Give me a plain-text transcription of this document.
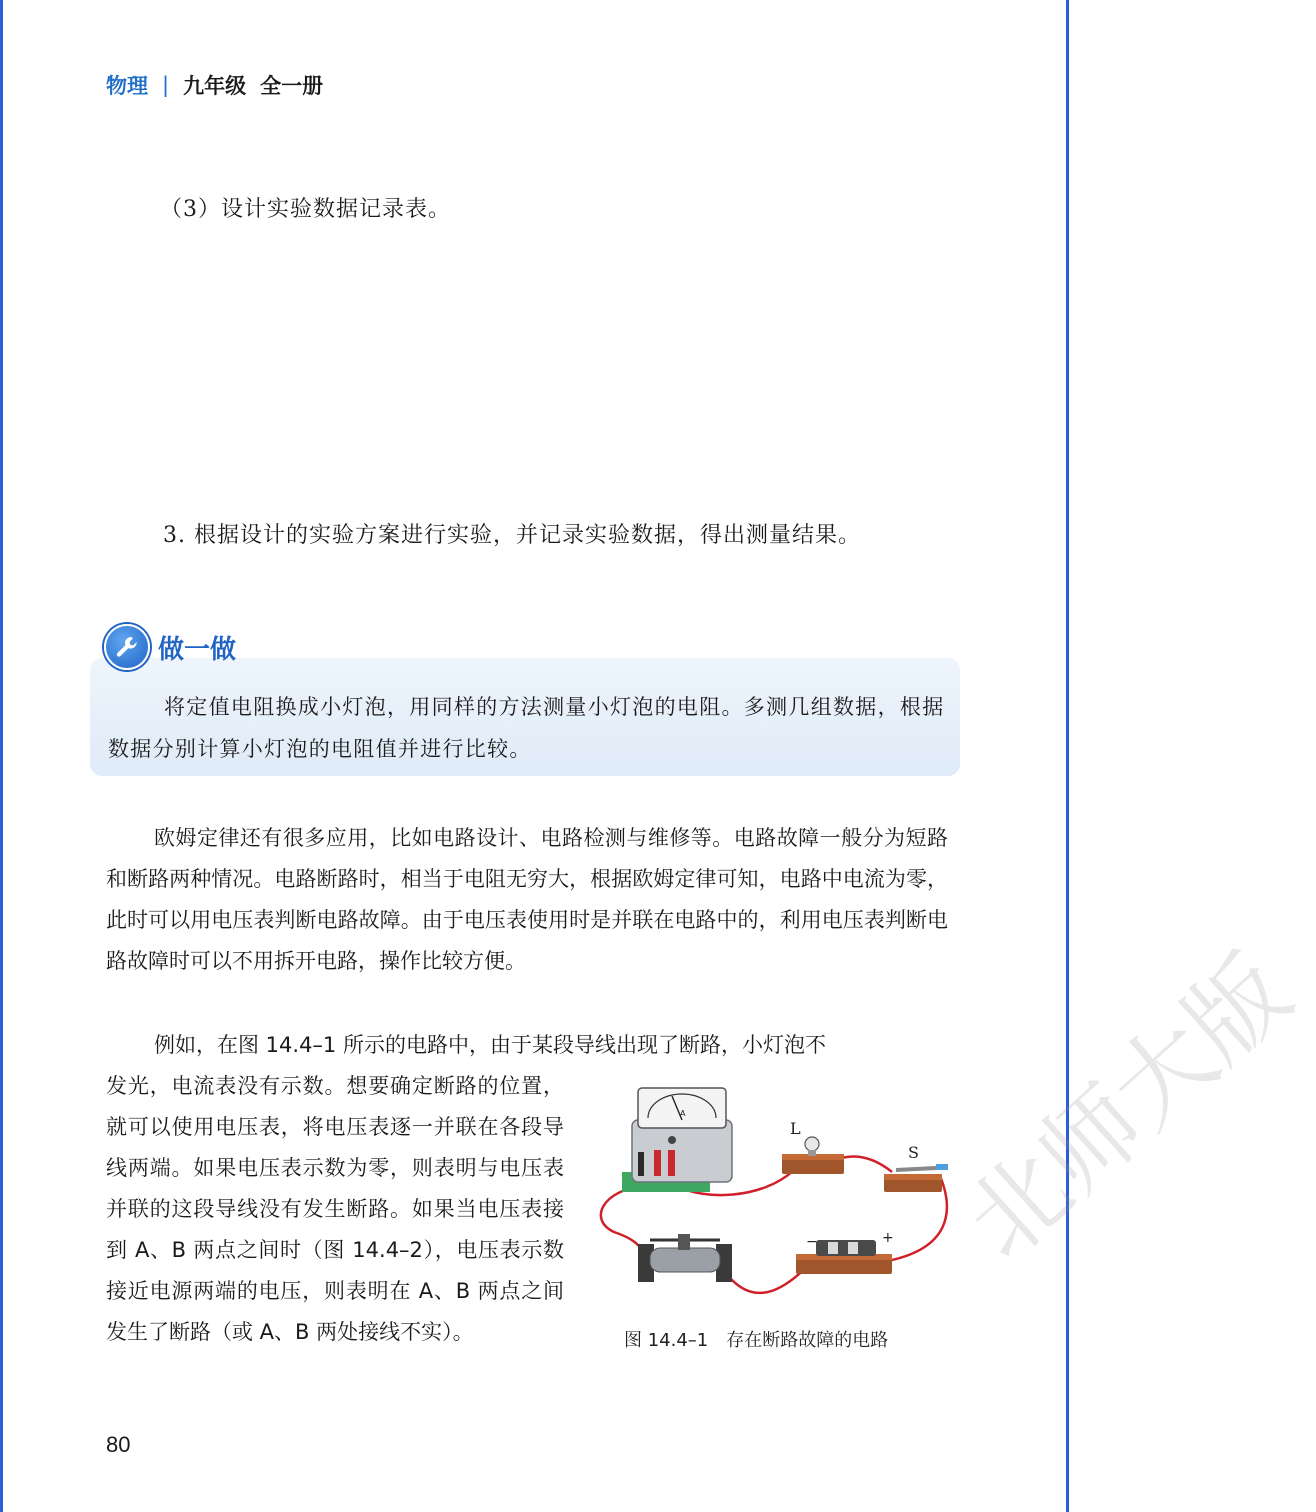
物理 | 九年级 全一册
（3）设计实验数据记录表。
3. 根据设计的实验方案进行实验，并记录实验数据，得出测量结果。
做一做
将定值电阻换成小灯泡，用同样的方法测量小灯泡的电阻。多测几组数据，根据数据分别计算小灯泡的电阻值并进行比较。
欧姆定律还有很多应用，比如电路设计、电路检测与维修等。电路故障一般分为短路和断路两种情况。电路断路时，相当于电阻无穷大，根据欧姆定律可知，电路中电流为零，此时可以用电压表判断电路故障。由于电压表使用时是并联在电路中的，利用电压表判断电路故障时可以不用拆开电路，操作比较方便。
例如，在图 14.4–1 所示的电路中，由于某段导线出现了断路，小灯泡不
发光，电流表没有示数。想要确定断路的位置，就可以使用电压表，将电压表逐一并联在各段导线两端。如果电压表示数为零，则表明与电压表并联的这段导线没有发生断路。如果当电压表接到 A、B 两点之间时（图 14.4–2），电压表示数接近电源两端的电压，则表明在 A、B 两点之间发生了断路（或 A、B 两处接线不实）。
A
L
S
−	+
图 14.4–1 存在断路故障的电路
80
北师大版
